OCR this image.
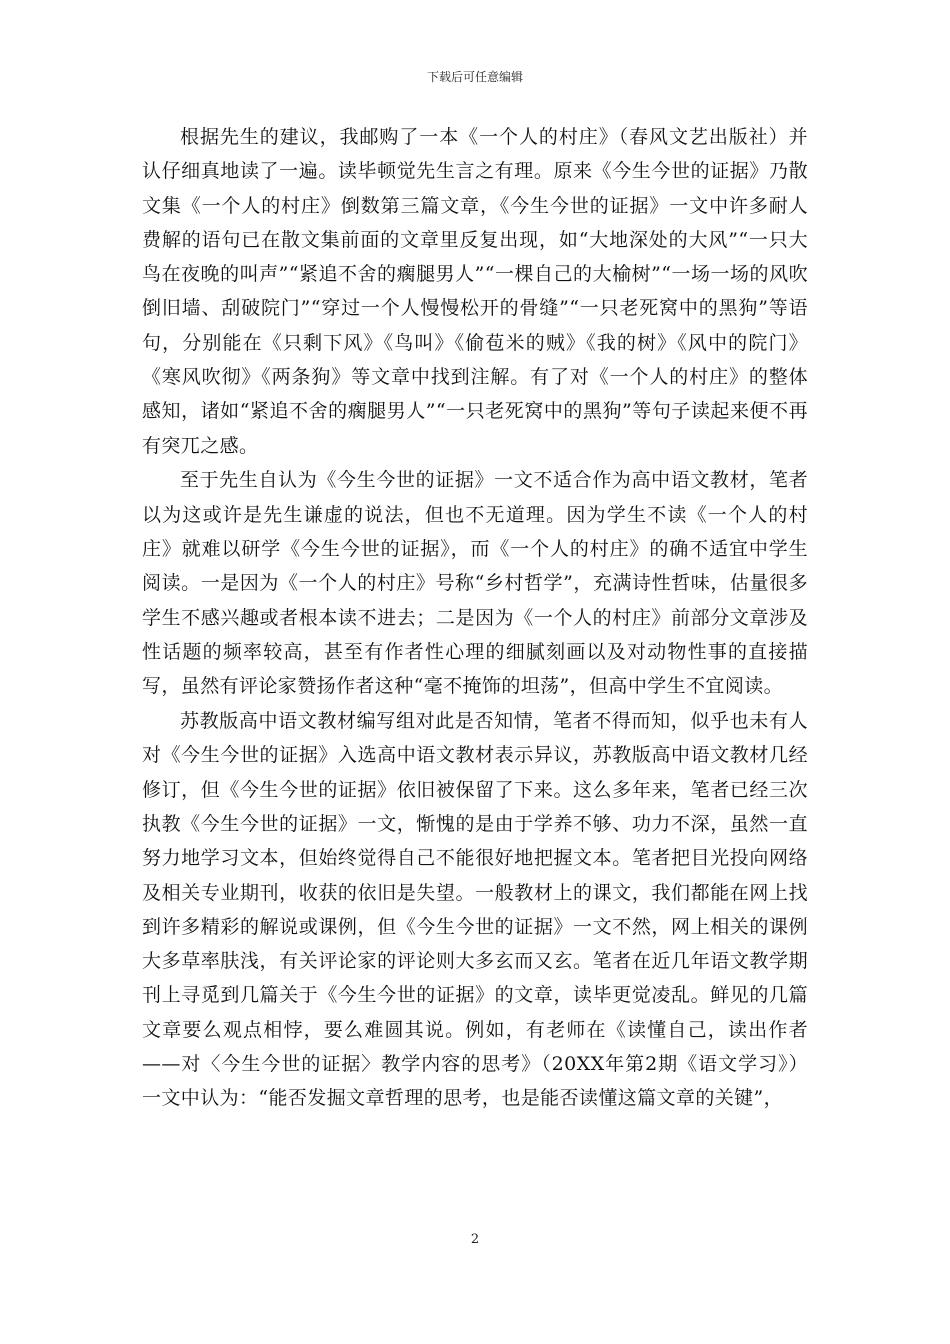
下载后可任意编辑

根据先生的建议，我邮购了一本《一个人的村庄》（春风文艺出版社）并认仔细真地读了一遍。读毕顿觉先生言之有理。原来《今生今世的证据》乃散文集《一个人的村庄》倒数第三篇文章，《今生今世的证据》一文中许多耐人费解的语句已在散文集前面的文章里反复出现，如“大地深处的大风”“一只大鸟在夜晚的叫声”“紧追不舍的瘸腿男人”“一棵自己的大榆树”“一场一场的风吹倒旧墙、刮破院门”“穿过一个人慢慢松开的骨缝”“一只老死窝中的黑狗”等语句，分别能在《只剩下风》《鸟叫》《偷苞米的贼》《我的树》《风中的院门》《寒风吹彻》《两条狗》等文章中找到注解。有了对《一个人的村庄》的整体感知，诸如“紧追不舍的瘸腿男人”“一只老死窝中的黑狗”等句子读起来便不再有突兀之感。

至于先生自认为《今生今世的证据》一文不适合作为高中语文教材，笔者以为这或许是先生谦虚的说法，但也不无道理。因为学生不读《一个人的村庄》就难以研学《今生今世的证据》，而《一个人的村庄》的确不适宜中学生阅读。一是因为《一个人的村庄》号称“乡村哲学”，充满诗性哲味，估量很多学生不感兴趣或者根本读不进去；二是因为《一个人的村庄》前部分文章涉及性话题的频率较高，甚至有作者性心理的细腻刻画以及对动物性事的直接描写，虽然有评论家赞扬作者这种“毫不掩饰的坦荡”，但高中学生不宜阅读。

苏教版高中语文教材编写组对此是否知情，笔者不得而知，似乎也未有人对《今生今世的证据》入选高中语文教材表示异议，苏教版高中语文教材几经修订，但《今生今世的证据》依旧被保留了下来。这么多年来，笔者已经三次执教《今生今世的证据》一文，惭愧的是由于学养不够、功力不深，虽然一直努力地学习文本，但始终觉得自己不能很好地把握文本。笔者把目光投向网络及相关专业期刊，收获的依旧是失望。一般教材上的课文，我们都能在网上找到许多精彩的解说或课例，但《今生今世的证据》一文不然，网上相关的课例大多草率肤浅，有关评论家的评论则大多玄而又玄。笔者在近几年语文教学期刊上寻觅到几篇关于《今生今世的证据》的文章，读毕更觉凌乱。鲜见的几篇文章要么观点相悖，要么难圆其说。例如，有老师在《读懂自己，读出作者——对〈今生今世的证据〉教学内容的思考》（20XX年第2期《语文学习》）一文中认为：“能否发掘文章哲理的思考，也是能否读懂这篇文章的关键”，

2
